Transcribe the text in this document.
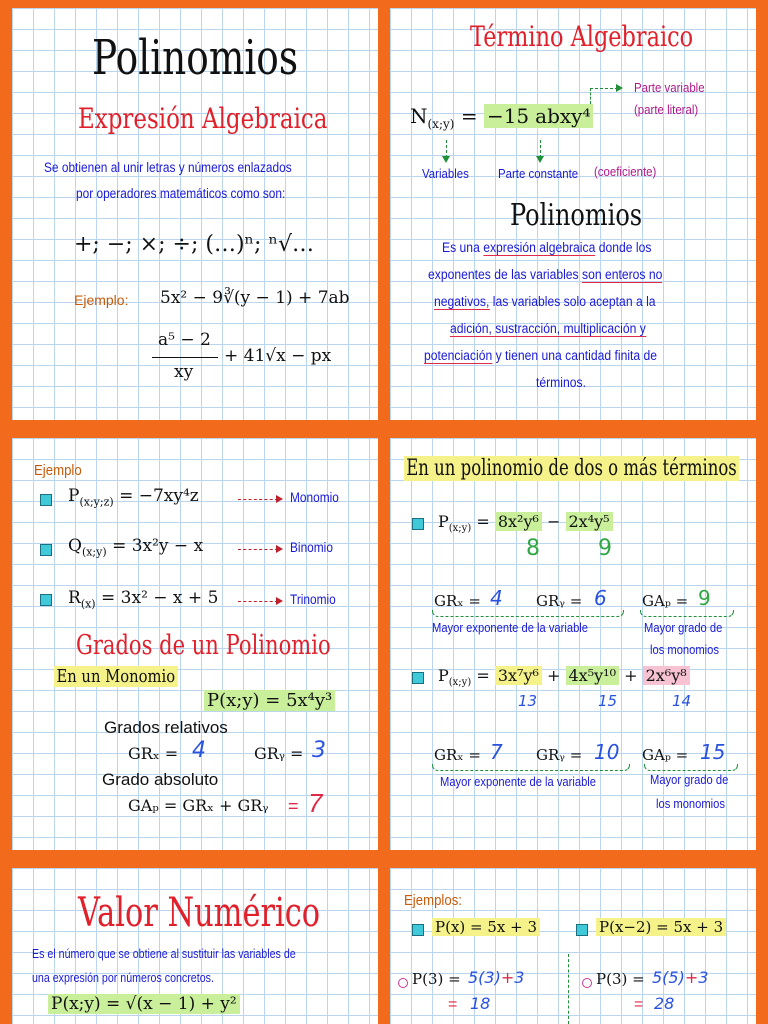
Polinomios
Expresión Algebraica
Se obtienen al unir letras y números enlazados
por operadores matemáticos como son:
+; −; ×; ÷; (…)ⁿ; ⁿ√…
Ejemplo: 5x² − 9∛(y − 1) + 7ab
a⁵ − 2
xy
+ 41√x − px
Término Algebraico
$N_{(x;y)} = -15$ abxy⁴
Parte variable
(parte literal)
Variables Parte constante (coeficiente)
Polinomios
Es una expresión algebraica donde los
exponentes de las variables son enteros no
negativos, las variables solo aceptan a la
adición, sustracción, multiplicación y
potenciación y tienen una cantidad finita de
términos.
Ejemplo
$P_{(x;y;z)} = -7xy^4z$	Monomio
$Q_{(x;y)} = 3x^2y - x$	Binomio
$R_{(x)} = 3x^2 - x + 5$	Trinomio
Grados de un Polinomio
En un Monomio
P(x;y) = 5x⁴y³
Grados relativos
GRₓ = 4	GRᵧ = 3
Grado absoluto
GAₚ = GRₓ + GRᵧ = 7
En un polinomio de dos o más términos
$P_{(x;y)} = 8x^2y^6 - 2x^4y^5$
8	9
GRₓ = 4 GRᵧ = 6 GAₚ = 9
Mayor exponente de la variable	Mayor grado de
los monomios
$P_{(x;y)} = 3x^7y^6 + 4x^5y^{10} + 2x^6y^8$
13	15	14
GRₓ = 7 GRᵧ = 10 GAₚ = 15
Mayor exponente de la variable	Mayor grado de
los monomios
Valor Numérico
Es el número que se obtiene al sustituir las variables de
una expresión por números concretos.
P(x;y) = √(x − 1) + y²
Ejemplos:
P(x) = 5x + 3	P(x−2) = 5x + 3
P(3) = 5(3)+3
= 18
P(3) = 5(5)+3
= 28
